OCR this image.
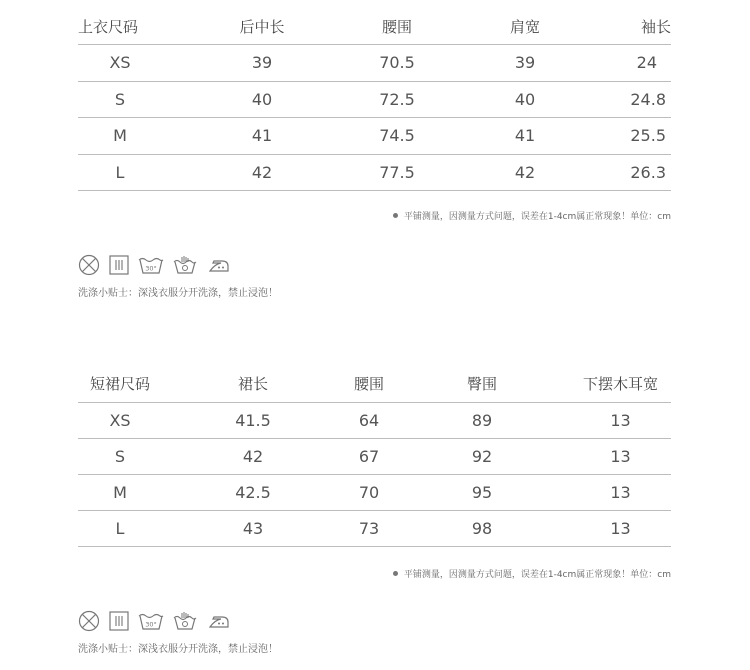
上衣尺码	后中长	腰围	肩宽	袖长
XS	39	70.5	39	24
S	40	72.5	40	24.8
M	41	74.5	41	25.5
L	42	77.5	42	26.3
平铺测量，因测量方式问题，误差在1-4cm属正常现象！单位：cm
30°
洗涤小贴士：深浅衣服分开洗涤，禁止浸泡！
短裙尺码	裙长	腰围	臀围	下摆木耳宽
XS	41.5	64	89	13
S	42	67	92	13
M	42.5	70	95	13
L	43	73	98	13
平铺测量，因测量方式问题，误差在1-4cm属正常现象！单位：cm
30°
洗涤小贴士：深浅衣服分开洗涤，禁止浸泡！
